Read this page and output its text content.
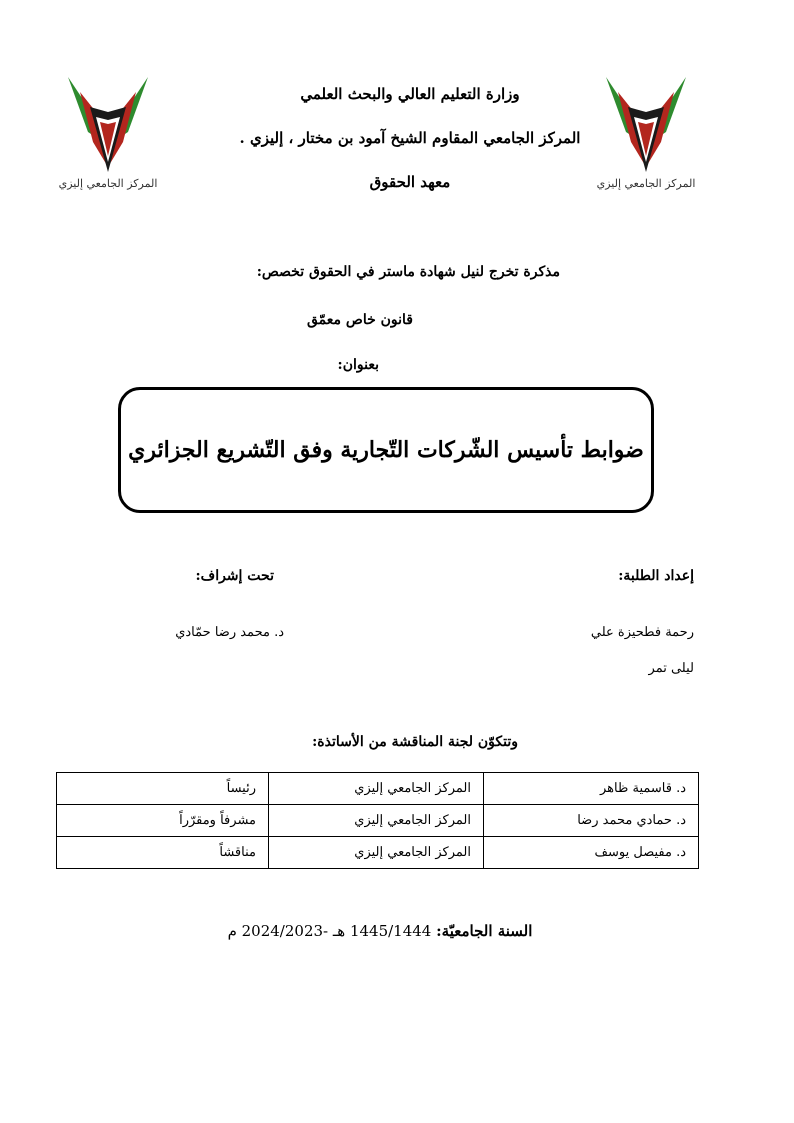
المركز الجامعي إليزي	المركز الجامعي إليزي
وزارة التعليم العالي والبحث العلمي
المركز الجامعي المقاوم الشيخ آمود بن مختار ، إليزي .
معهد الحقوق
مذكرة تخرج لنيل شهادة ماستر في الحقوق تخصص:
قانون خاص معمّق
بعنوان:
ضوابط تأسيس الشّركات التّجارية وفق التّشريع الجزائري
إعداد الطلبة:
تحت إشراف:
رحمة فطحيزة علي
ليلى تمر
د. محمد رضا حمّادي
وتتكوّن لجنة المناقشة من الأساتذة:
د. قاسمية ظاهر	المركز الجامعي إليزي	رئيساً
د. حمادي محمد رضا	المركز الجامعي إليزي	مشرفاً ومقرّراً
د. مفيصل يوسف	المركز الجامعي إليزي	مناقشاً
السنة الجامعيّة: 1445/1444 هـ -2024/2023 م
